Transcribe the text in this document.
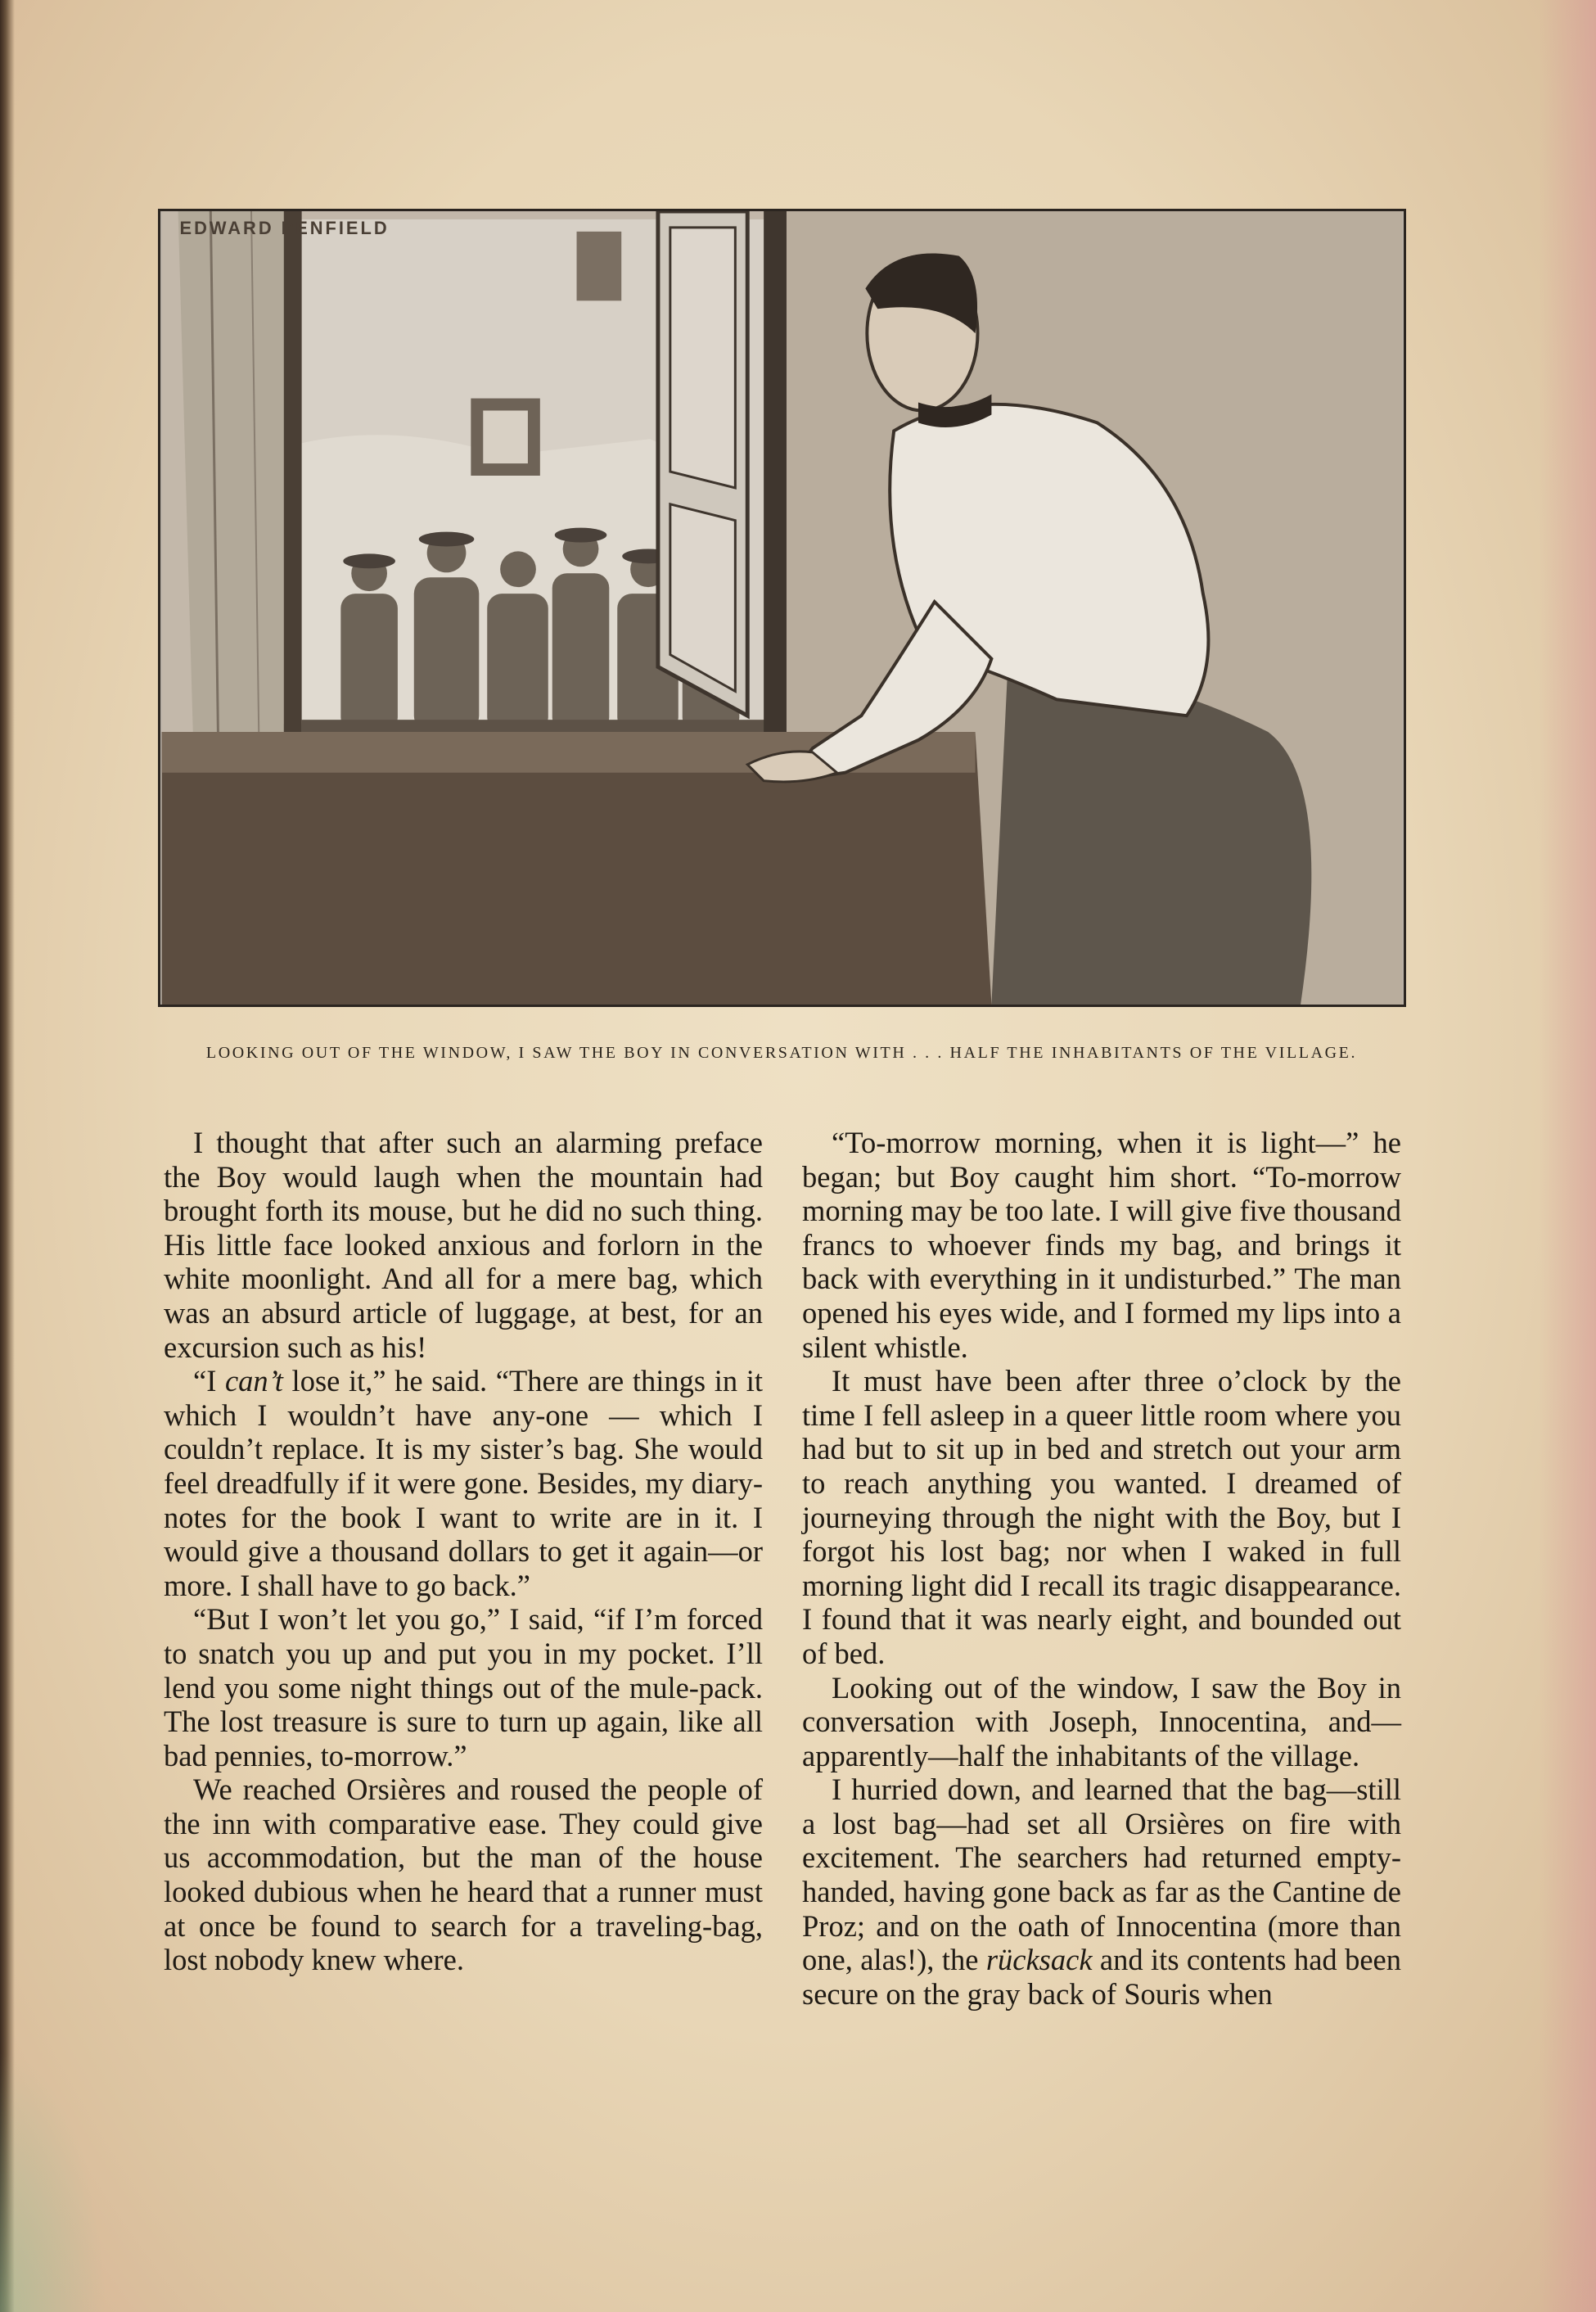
EDWARD PENFIELD
LOOKING OUT OF THE WINDOW, I SAW THE BOY IN CONVERSATION WITH . . . HALF THE INHABITANTS OF THE VILLAGE.

I thought that after such an alarming preface the Boy would laugh when the mountain had brought forth its mouse, but he did no such thing. His little face looked anxious and forlorn in the white moonlight. And all for a mere bag, which was an absurd article of luggage, at best, for an excursion such as his!

“I can’t lose it,” he said. “There are things in it which I wouldn’t have any-one — which I couldn’t replace. It is my sister’s bag. She would feel dreadfully if it were gone. Besides, my diary-notes for the book I want to write are in it. I would give a thousand dollars to get it again—or more. I shall have to go back.”

“But I won’t let you go,” I said, “if I’m forced to snatch you up and put you in my pocket. I’ll lend you some night things out of the mule-pack. The lost treasure is sure to turn up again, like all bad pennies, to-morrow.”

We reached Orsières and roused the people of the inn with comparative ease. They could give us accommodation, but the man of the house looked dubious when he heard that a runner must at once be found to search for a traveling-bag, lost nobody knew where.

“To-morrow morning, when it is light—” he began; but Boy caught him short. “To-morrow morning may be too late. I will give five thousand francs to whoever finds my bag, and brings it back with everything in it undisturbed.” The man opened his eyes wide, and I formed my lips into a silent whistle.

It must have been after three o’clock by the time I fell asleep in a queer little room where you had but to sit up in bed and stretch out your arm to reach anything you wanted. I dreamed of journeying through the night with the Boy, but I forgot his lost bag; nor when I waked in full morning light did I recall its tragic disappearance. I found that it was nearly eight, and bounded out of bed.

Looking out of the window, I saw the Boy in conversation with Joseph, Innocentina, and—apparently—half the inhabitants of the village.

I hurried down, and learned that the bag—still a lost bag—had set all Orsières on fire with excitement. The searchers had returned empty-handed, having gone back as far as the Cantine de Proz; and on the oath of Innocentina (more than one, alas!), the rücksack and its contents had been secure on the gray back of Souris when
